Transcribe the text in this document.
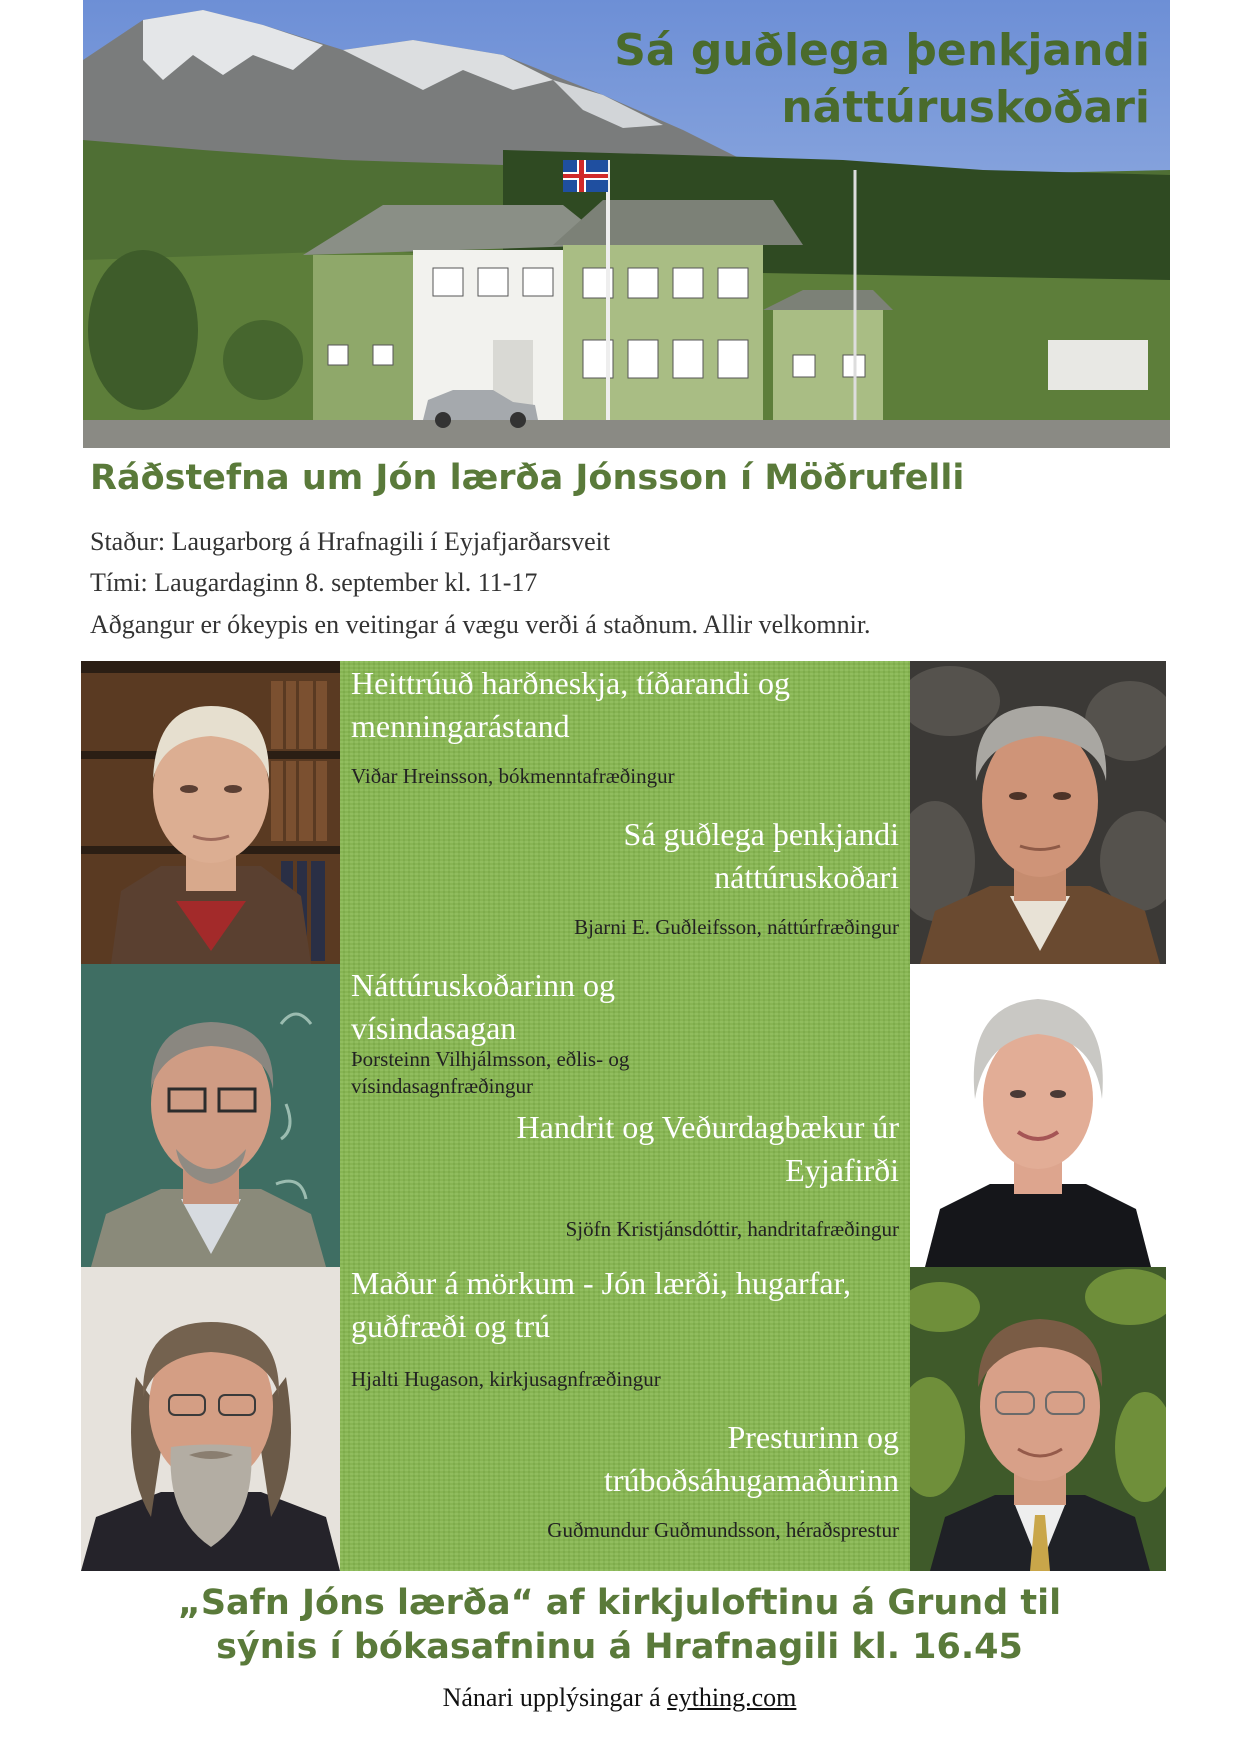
Sá guðlega þenkjandi
náttúruskoðari
Ráðstefna um Jón lærða Jónsson í Möðrufelli
Staður: Laugarborg á Hrafnagili í Eyjafjarðarsveit
Tími: Laugardaginn 8. september kl. 11-17
Aðgangur er ókeypis en veitingar á vægu verði á staðnum. Allir velkomnir.
Heittrúuð harðneskja, tíðarandi og menningarástand
Viðar Hreinsson, bókmenntafræðingur
Sá guðlega þenkjandi náttúruskoðari
Bjarni E. Guðleifsson, náttúrfræðingur
Náttúruskoðarinn og vísindasagan
Þorsteinn Vilhjálmsson, eðlis- og vísindasagnfræðingur
Handrit og Veðurdagbækur úr Eyjafirði
Sjöfn Kristjánsdóttir, handritafræðingur
Maður á mörkum - Jón lærði, hugarfar, guðfræði og trú
Hjalti Hugason, kirkjusagnfræðingur
Presturinn og trúboðsáhugamaðurinn
Guðmundur Guðmundsson, héraðsprestur
„Safn Jóns lærða“ af kirkjuloftinu á Grund til
sýnis í bókasafninu á Hrafnagili kl. 16.45
Nánari upplýsingar á eything.com
